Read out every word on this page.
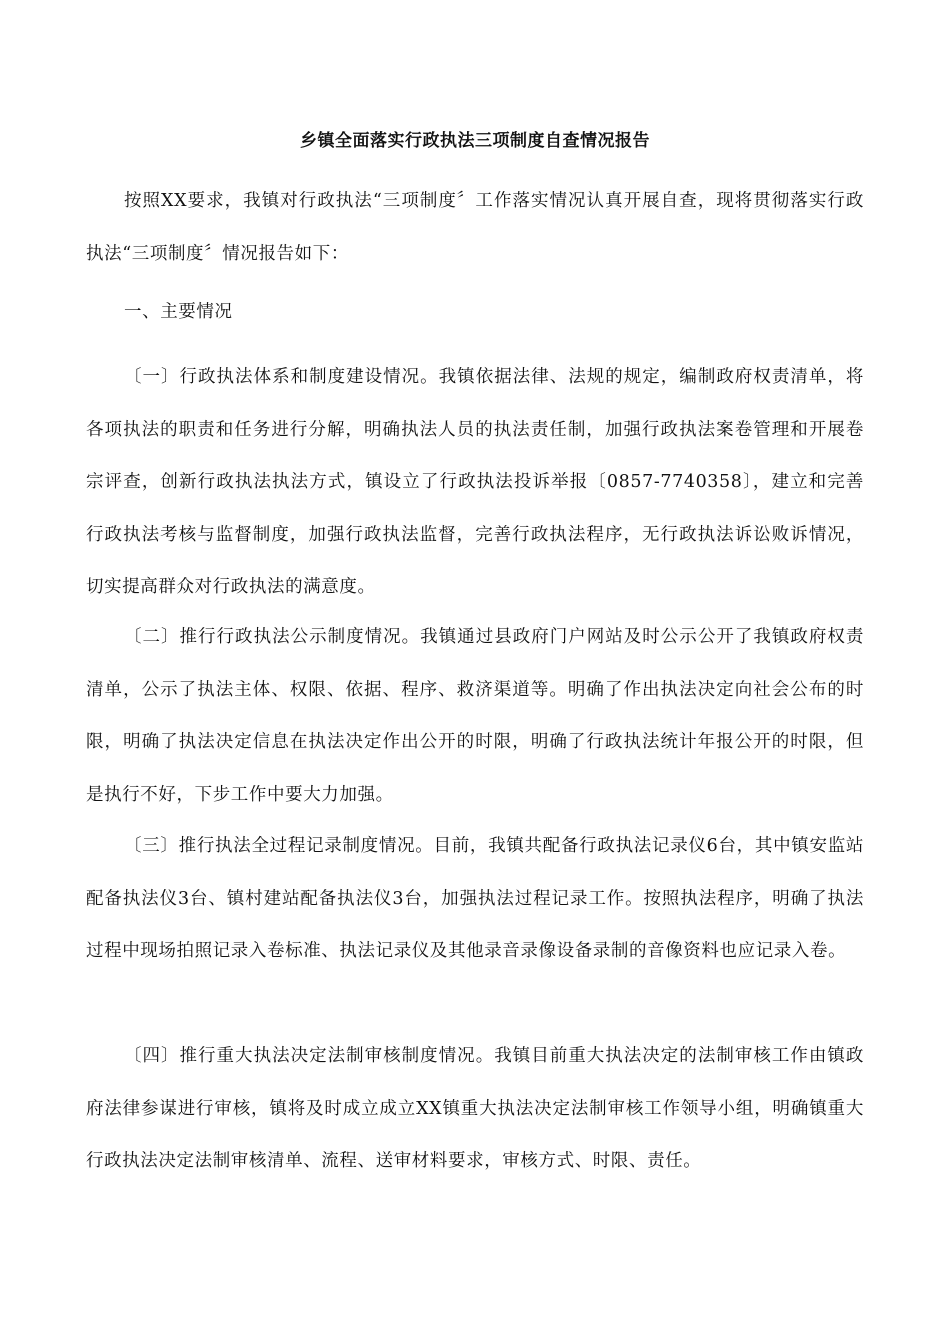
乡镇全面落实行政执法三项制度自查情况报告

按照XX要求，我镇对行政执法“三项制度〞工作落实情况认真开展自查，现将贯彻落实行政执法“三项制度〞情况报告如下：

一、主要情况

〔一〕行政执法体系和制度建设情况。我镇依据法律、法规的规定，编制政府权责清单，将各项执法的职责和任务进行分解，明确执法人员的执法责任制，加强行政执法案卷管理和开展卷宗评查，创新行政执法执法方式，镇设立了行政执法投诉举报〔0857-7740358〕，建立和完善行政执法考核与监督制度，加强行政执法监督，完善行政执法程序，无行政执法诉讼败诉情况，切实提高群众对行政执法的满意度。

〔二〕推行行政执法公示制度情况。我镇通过县政府门户网站及时公示公开了我镇政府权责清单，公示了执法主体、权限、依据、程序、救济渠道等。明确了作出执法决定向社会公布的时限，明确了执法决定信息在执法决定作出公开的时限，明确了行政执法统计年报公开的时限，但是执行不好，下步工作中要大力加强。

〔三〕推行执法全过程记录制度情况。目前，我镇共配备行政执法记录仪6台，其中镇安监站配备执法仪3台、镇村建站配备执法仪3台，加强执法过程记录工作。按照执法程序，明确了执法过程中现场拍照记录入卷标准、执法记录仪及其他录音录像设备录制的音像资料也应记录入卷。

〔四〕推行重大执法决定法制审核制度情况。我镇目前重大执法决定的法制审核工作由镇政府法律参谋进行审核，镇将及时成立成立XX镇重大执法决定法制审核工作领导小组，明确镇重大行政执法决定法制审核清单、流程、送审材料要求，审核方式、时限、责任。
